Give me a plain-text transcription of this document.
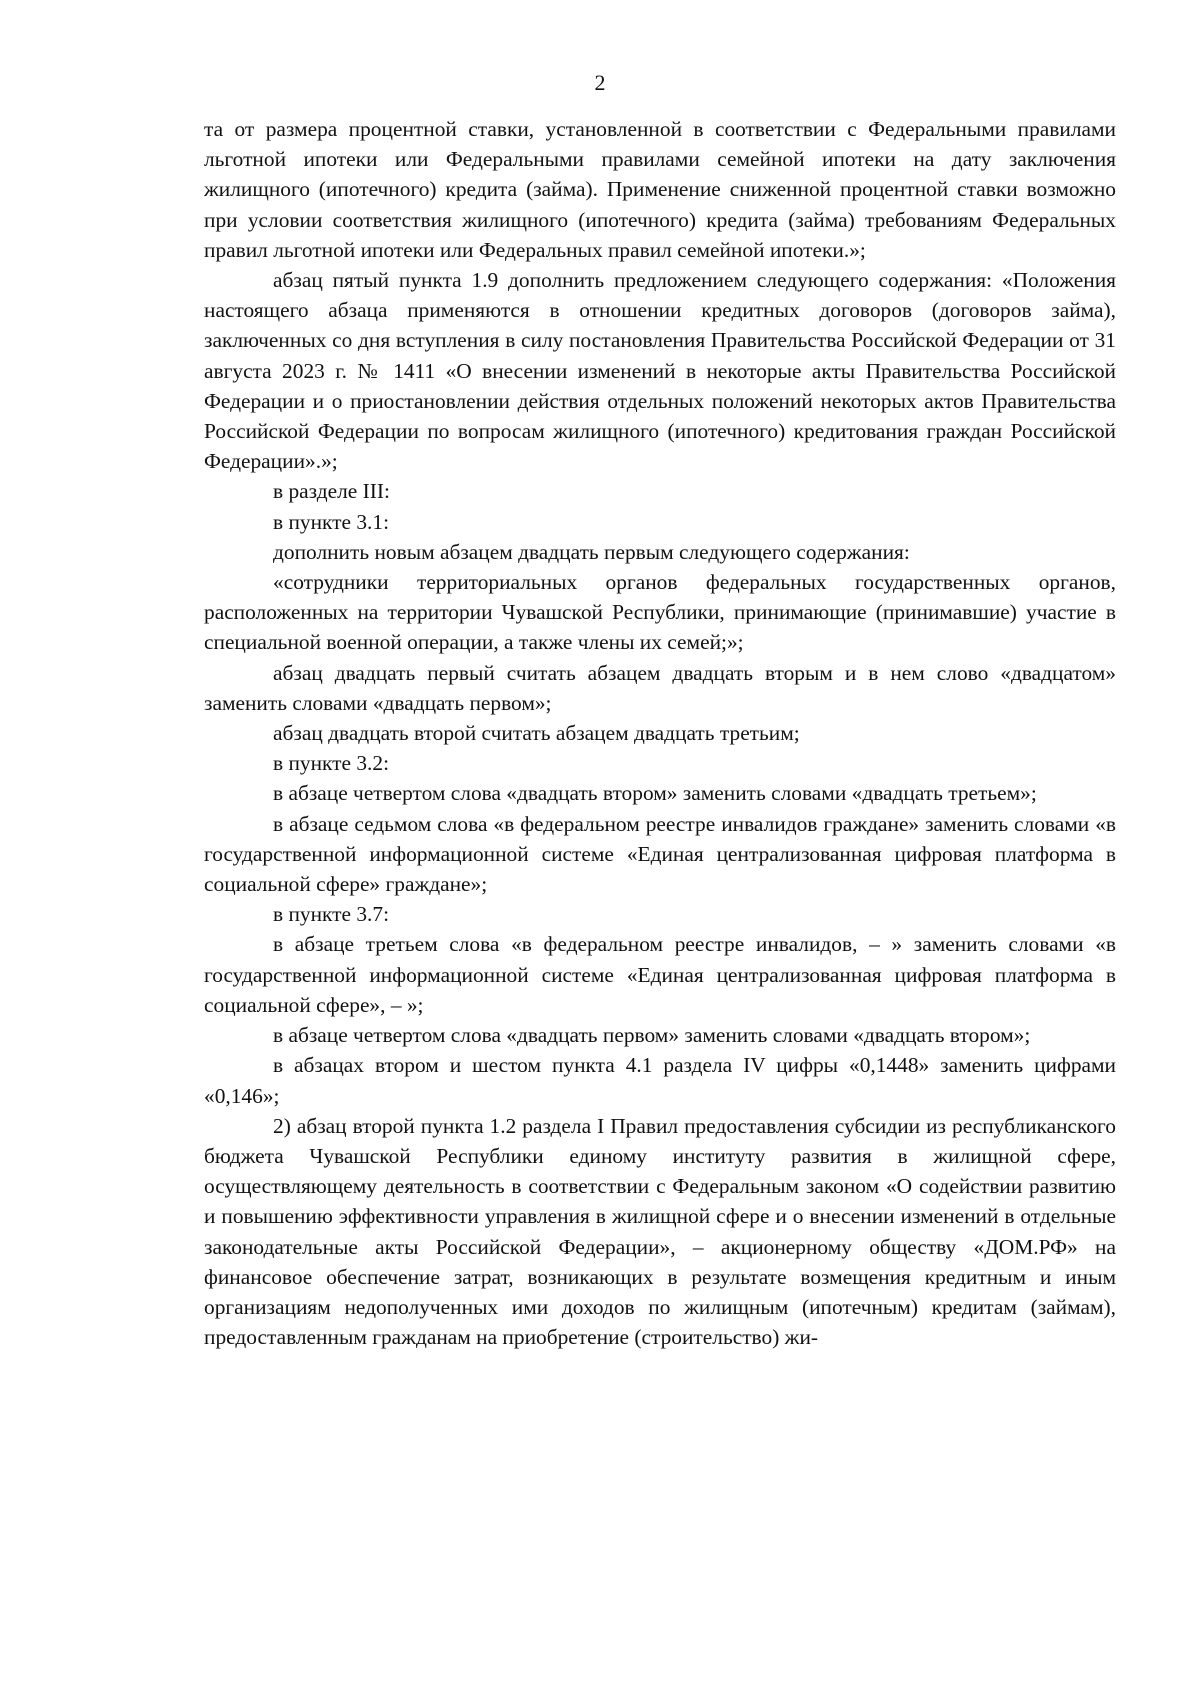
2

та от размера процентной ставки, установленной в соответствии с Федеральными правилами льготной ипотеки или Федеральными правилами семейной ипотеки на дату заключения жилищного (ипотечного) кредита (займа). Применение сниженной процентной ставки возможно при условии соответствия жилищного (ипотечного) кредита (займа) требованиям Федеральных правил льготной ипотеки или Федеральных правил семейной ипотеки.»;

абзац пятый пункта 1.9 дополнить предложением следующего содержания: «Положения настоящего абзаца применяются в отношении кредитных договоров (договоров займа), заключенных со дня вступления в силу постановления Правительства Российской Федерации от 31 августа 2023 г. № 1411 «О внесении изменений в некоторые акты Правительства Российской Федерации и о приостановлении действия отдельных положений некоторых актов Правительства Российской Федерации по вопросам жилищного (ипотечного) кредитования граждан Российской Федерации».»;

в разделе III:

в пункте 3.1:

дополнить новым абзацем двадцать первым следующего содержания:

«сотрудники территориальных органов федеральных государственных органов, расположенных на территории Чувашской Республики, принимающие (принимавшие) участие в специальной военной операции, а также члены их семей;»;

абзац двадцать первый считать абзацем двадцать вторым и в нем слово «двадцатом» заменить словами «двадцать первом»;

абзац двадцать второй считать абзацем двадцать третьим;

в пункте 3.2:

в абзаце четвертом слова «двадцать втором» заменить словами «двадцать третьем»;

в абзаце седьмом слова «в федеральном реестре инвалидов граждане» заменить словами «в государственной информационной системе «Единая централизованная цифровая платформа в социальной сфере» граждане»;

в пункте 3.7:

в абзаце третьем слова «в федеральном реестре инвалидов, – » заменить словами «в государственной информационной системе «Единая централизованная цифровая платформа в социальной сфере», – »;

в абзаце четвертом слова «двадцать первом» заменить словами «двадцать втором»;

в абзацах втором и шестом пункта 4.1 раздела IV цифры «0,1448» заменить цифрами «0,146»;

2) абзац второй пункта 1.2 раздела I Правил предоставления субсидии из республиканского бюджета Чувашской Республики единому институту развития в жилищной сфере, осуществляющему деятельность в соответствии с Федеральным законом «О содействии развитию и повышению эффективности управления в жилищной сфере и о внесении изменений в отдельные законодательные акты Российской Федерации», – акционерному обществу «ДОМ.РФ» на финансовое обеспечение затрат, возникающих в результате возмещения кредитным и иным организациям недополученных ими доходов по жилищным (ипотечным) кредитам (займам), предоставленным гражданам на приобретение (строительство) жи-
